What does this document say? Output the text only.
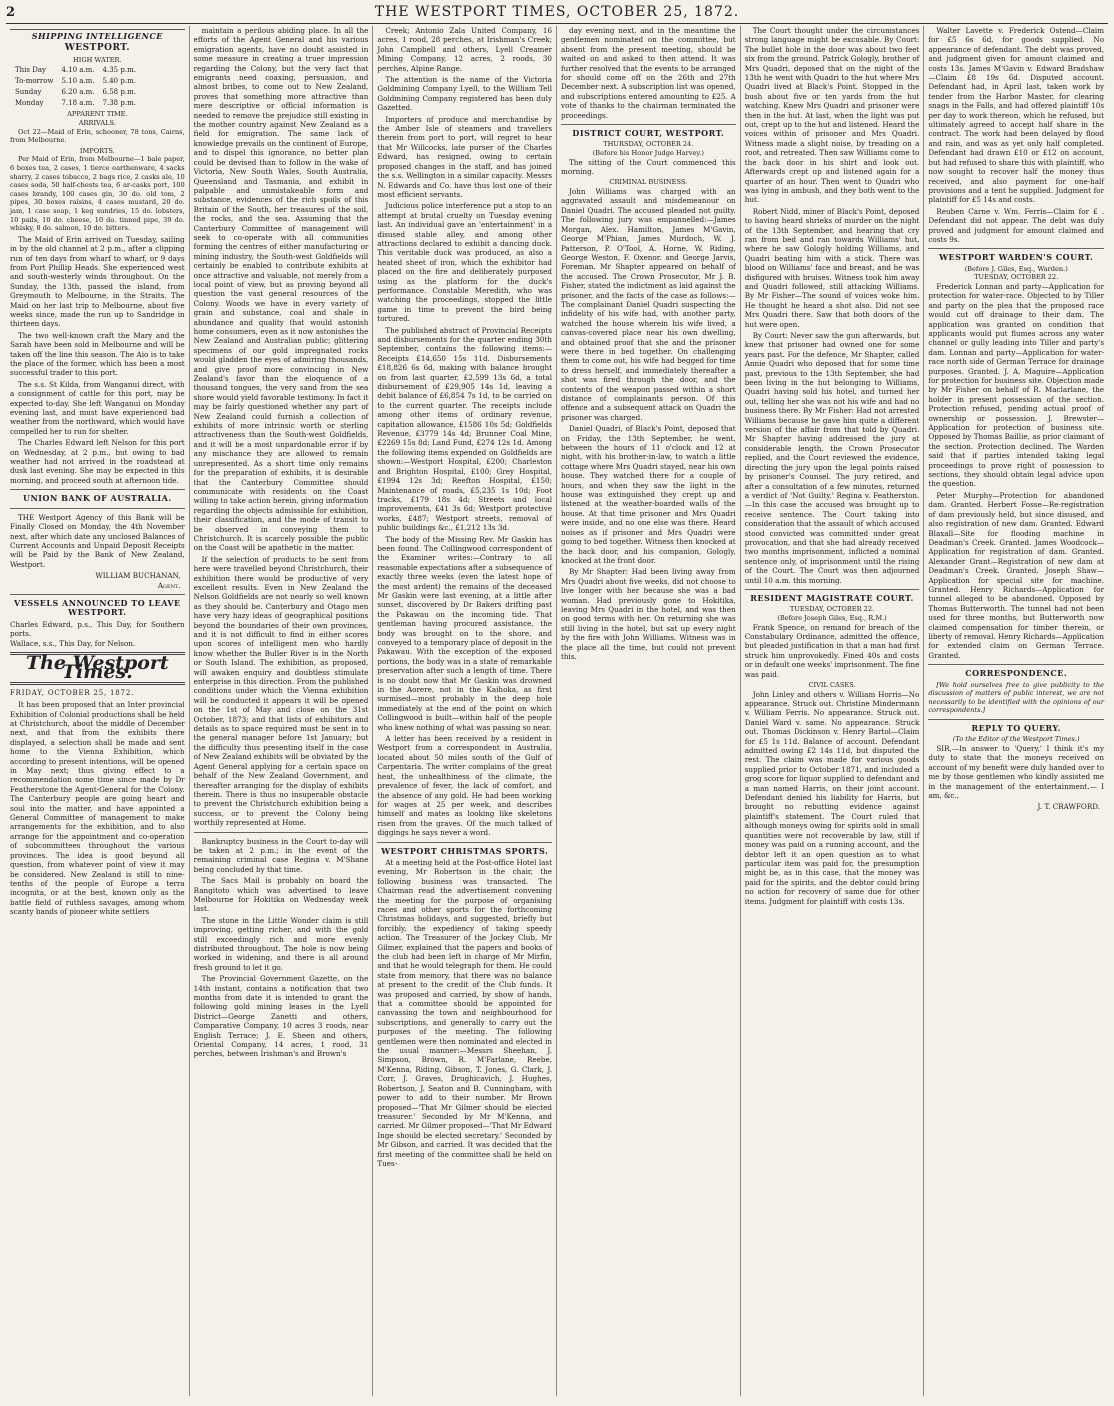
2	THE WESTPORT TIMES, OCTOBER 25, 1872.
SHIPPING INTELLIGENCE
WESTPORT.
HIGH WATER.
This Day	4.10 a.m.	4.35 p.m.
To-morrow	5.10 a.m.	5.40 p.m.
Sunday	6.20 a.m.	6.58 p.m.
Monday	7.18 a.m.	7.38 p.m.
APPARENT TIME.
ARRIVALS.

Oct 22—Maid of Erin, schooner, 78 tons, Cairns, from Melbourne.

IMPORTS.

Per Maid of Erin, from Melbourne—1 bale paper, 6 boxes tea, 2 cases, 1 tierce earthenware, 4 sacks sharry, 2 cases tobacco, 2 bags rice, 2 casks ale, 10 cases soda, 50 half-chests tea, 6 ar-casks port, 100 cases brandy, 100 cases gin, 30 do. old tom, 2 pipes, 30 boxes raisins, 4 cases mustard, 20 do. jam, 1 case soap, 1 keg sundries, 15 do. lobsters, 10 pails, 10 do. cheese, 10 do. tinned pipe, 39 do. whisky, 8 do. salmon, 10 do. bitters.

The Maid of Erin arrived on Tuesday, sailing in by the old channel at 2 p.m., after a clipping run of ten days from wharf to wharf, or 9 days from Port Phillip Heads. She experienced west and south-westerly winds throughout. On the Sunday, the 13th, passed the island, from Greymouth to Melbourne, in the Straits. The Maid on her last trip to Melbourne, about five weeks since, made the run up to Sandridge in thirteen days.

The two well-known craft the Mary and the Sarah have been sold in Melbourne and will be taken off the line this season. The Aio is to take the place of the former, which has been a most successful trader to this port.

The s.s. St Kilda, from Wanganui direct, with a consignment of cattle for this port, may be expected to-day. She left Wanganui on Monday evening last, and must have experienced bad weather from the northward, which would have compelled her to run for shelter.

The Charles Edward left Nelson for this port on Wednesday, at 2 p.m., but owing to bad weather had not arrived in the roadstead at dusk last evening. She may be expected in this morning, and proceed south at afternoon tide.

UNION BANK OF AUSTRALIA.

THE Westport Agency of this Bank will be Finally Closed on Monday, the 4th November next, after which date any unclosed Balances of Current Accounts and Unpaid Deposit Receipts will be Paid by the Bank of New Zealand, Westport.

WILLIAM BUCHANAN,
Agent.
VESSELS ANNOUNCED TO LEAVE WESTPORT.
Charles Edward, p.s., This Day, for Southern ports.
Wallace, s.s., This Day, for Nelson.
The Westport Times.
FRIDAY, OCTOBER 25, 1872.

It has been proposed that an Inter provincial Exhibition of Colonial productions shall be held at Christchurch, about the middle of December next, and that from the exhibits there displayed, a selection shall be made and sent home to the Vienna Exhibition, which according to present intentions, will be opened in May next; thus giving effect to a recommendation some time since made by Dr Featherstone the Agent-General for the Colony. The Canterbury people are going heart and soul into the matter, and have appointed a General Committee of management to make arrangements for the exhibition, and to also arrange for the appointment and co-operation of subcommittees throughout the various provinces. The idea is good beyond all question, from whatever point of view it may be considered. New Zealand is still to nine-tenths of the people of Europe a terra incognita, or at the best, known only as the battle field of ruthless savages, among whom scanty bands of pioneer white settlers

maintain a perilous abiding place. In all the efforts of the Agent General and his various emigration agents, have no doubt assisted in some measure in creating a truer impression regarding the Colony, but the very fact that emigrants need coaxing, persuasion, and almost bribes, to come out to New Zealand, proves that something more attractive than mere descriptive or official information is needed to remove the prejudice still existing in the mother country against New Zealand as a field for emigration. The same lack of knowledge prevails on the continent of Europe, and to dispel this ignorance, no better plan could be devised than to follow in the wake of Victoria, New South Wales, South Australia, Queensland and Tasmania, and exhibit in palpable and unmistakeable form and substance, evidences of the rich spoils of this Britain of the South, her treasures of the soil, the rocks, and the sea. Assuming that the Canterbury Committee of management will seek to co-operate with all communities forming the centres of either manufacturing or mining industry, the South-west Goldfields will certainly be enabled to contribute exhibits at once attractive and valuable, not merely from a local point of view, but as proving beyond all question the vast general resources of the Colony. Woods we have in every variety of grain and substance, coal and shale in abundance and quality that would astonish home consumers, even as it now astonishes the New Zealand and Australian public; glittering specimens of our gold impregnated rocks would gladden the eyes of admiring thousands, and give proof more convincing in New Zealand's favor than the eloquence of a thousand tongues, the very sand from the sea shore would yield favorable testimony. In fact it may be fairly questioned whether any part of New Zealand could furnish a collection of exhibits of more intrinsic worth or sterling attractiveness than the South-west Goldfields, and it will be a most unpardonable error if by any mischance they are allowed to remain unrepresented. As a short time only remains for the preparation of exhibits, it is desirable that the Canterbury Committee should communicate with residents on the Coast willing to take action herein, giving information regarding the objects admissible for exhibition, their classification, and the mode of transit to be observed in conveying them to Christchurch. It is scarcely possible the public on the Coast will be apathetic in the matter.

If the selection of products to be sent from here were travelled beyond Christchurch, their exhibition there would be productive of very excellent results. Even in New Zealand the Nelson Goldfields are not nearly so well known as they should be. Canterbury and Otago men have very hazy ideas of geographical positions beyond the boundaries of their own provinces, and it is not difficult to find in either scores upon scores of intelligent men who hardly know whether the Buller River is in the North or South Island. The exhibition, as proposed, will awaken enquiry and doubtless stimulate enterprise in this direction. From the published conditions under which the Vienna exhibition will be conducted it appears it will be opened on the 1st of May and close on the 31st October, 1873; and that lists of exhibitors and details as to space required must be sent in to the general manager before 1st January; but the difficulty thus presenting itself in the case of New Zealand exhibits will be obviated by the Agent General applying for a certain space on behalf of the New Zealand Government, and thereafter arranging for the display of exhibits therein. There is thus no insuperable obstacle to prevent the Christchurch exhibition being a success, or to prevent the Colony being worthily represented at Home.

Bankruptcy business in the Court to-day will be taken at 2 p.m.; in the event of the remaining criminal case Regina v. M'Shane being concluded by that time.

The Sacs Mail is probably on board the Rangitoto which was advertised to leave Melbourne for Hokitika on Wednesday week last.

The stone in the Little Wonder claim is still improving, getting richer, and with the gold still exceedingly rich and more evenly distributed throughout. The hole is now being worked in widening, and there is all around fresh ground to let it go.

The Provincial Government Gazette, on the 14th instant, contains a notification that two months from date it is intended to grant the following gold mining leases in the Lyell District—George Zanetti and others, Comparative Company, 10 acres 3 roods, near English Terrace; J. E. Sheen and others, Oriental Company, 14 acres, 1 rood, 31 perches, between Irishman's and Brown's

Creek; Antonio Zala United Company, 16 acres, 1 rood, 28 perches, at Irishman's Creek; John Campbell and others, Lyell Creamer Mining Company, 12 acres, 2 roods, 30 perches, Alpine Range.

The attention is the name of the Victoria Goldmining Company Lyell, to the William Tell Goldmining Company registered has been duly Gazetted.

Importers of produce and merchandise by the Amber Isle of steamers and travellers therein from port to port, will regret to hear that Mr Willcocks, late purser of the Charles Edward, has resigned, owing to certain proposed changes in the staff, and has joined the s.s. Wellington in a similar capacity. Messrs N. Edwards and Co. have thus lost one of their most efficient servants.

Judicious police interference put a stop to an attempt at brutal cruelty on Tuesday evening last. An individual gave an 'entertainment' in a disused stable alley, and among other attractions declared to exhibit a dancing duck. This veritable duck was produced, as also a heated sheet of iron, which the exhibitor had placed on the fire and deliberately purposed using as the platform for the duck's performance. Constable Meredith, who was watching the proceedings, stopped the little game in time to prevent the bird being tortured.

The published abstract of Provincial Receipts and disbursements for the quarter ending 30th September, contains the following items:—Receipts £14,650 15s 11d. Disbursements £18,826 6s 6d, making with balance brought on from last quarter, £2,599 13s 6d, a total disbursement of £29,905 14s 1d, leaving a debit balance of £6,854 7s 1d, to be carried on to the current quarter. The receipts include among other items of ordinary revenue, capitation allowance, £1586 10s 5d; Goldfields Revenue, £3779 14s 4d; Brunner Coal Mine, £2269 15s 8d; Land Fund, £274 12s 1d. Among the following items expended on Goldfields are shown:—Westport Hospital, £200; Charleston and Brighton Hospital, £100; Grey Hospital, £1994 12s 3d; Reefton Hospital, £150; Maintenance of roads, £5,235 1s 10d; Foot tracks, £179 18s 4d; Streets and local improvements, £41 3s 6d; Westport protective works, £487; Westport streets, removal of public buildings &c., £1,212 13s 3d.

The body of the Missing Rev. Mr Gaskin has been found. The Collingwood correspondent of the Examiner writes:—Contrary to all reasonable expectations after a subsequence of exactly three weeks (even the latest hope of the most ardent) the remains of the deceased Mr Gaskin were last evening, at a little after sunset, discovered by Dr Bakers drifting past the Pakawau on the incoming tide. That gentleman having procured assistance, the body was brought on to the shore, and conveyed to a temporary place of deposit in the Pakawau. With the exception of the exposed portions, the body was in a state of remarkable preservation after such a length of time. There is no doubt now that Mr Gaskin was drowned in the Aorere, not in the Kaihoka, as first surmised—most probably in the deep hole immediately at the end of the point on which Collingwood is built—within half of the people who knew nothing of what was passing so near.

A letter has been received by a resident in Westport from a correspondent in Australia, located about 50 miles south of the Gulf of Carpentaria. The writer complains of the great heat, the unhealthiness of the climate, the prevalence of fever, the lack of comfort, and the absence of any gold. He had been working for wages at 25 per week, and describes himself and mates as looking like skeletons risen from the graves. Of the much talked of diggings he says never a word.

WESTPORT CHRISTMAS SPORTS.

At a meeting held at the Post-office Hotel last evening, Mr Robertson in the chair, the following business was transacted. The Chairman read the advertisement convening the meeting for the purpose of organising races and other sports for the forthcoming Christmas holidays, and suggested, briefly but forcibly, the expediency of taking speedy action. The Treasurer of the Jockey Club, Mr Gilmer, explained that the papers and books of the club had been left in charge of Mr Mirfin, and that he would telegraph for them. He could state from memory, that there was no balance at present to the credit of the Club funds. It was proposed and carried, by show of hands, that a committee should be appointed for canvassing the town and neighbourhood for subscriptions, and generally to carry out the purposes of the meeting. The following gentlemen were then nominated and elected in the usual manner:—Messrs Sheehan, J. Simpson, Brown, R. M'Farlane, Reebe, M'Kenna, Riding, Gibson, T. Jones, G. Clark, J. Corr, J. Graves, Drughicavich, J. Hughes, Robertson, J. Seaton and B. Cunningham, with power to add to their number. Mr Brown proposed—'That Mr Gilmer should be elected treasurer.' Seconded by Mr M'Kenna, and carried. Mr Gilmer proposed—'That Mr Edward Inge should be elected secretary.' Seconded by Mr Gibson, and carried. It was decided that the first meeting of the committee shall be held on Tues-

day evening next, and in the meantime the gentlemen nominated on the committee, but absent from the present meeting, should be waited on and asked to then attend. It was further resolved that the events to be arranged for should come off on the 26th and 27th December next. A subscription list was opened, and subscriptions entered amounting to £25. A vote of thanks to the chairman terminated the proceedings.

DISTRICT COURT, WESTPORT.
THURSDAY, OCTOBER 24.
(Before his Honor Judge Harvey.)

The sitting of the Court commenced this morning.

CRIMINAL BUSINESS.

John Williams was charged with an aggravated assault and misdemeanour on Daniel Quadri. The accused pleaded not guilty. The following jury was empannelled:—James Morgan, Alex. Hamilton, James M'Gavin, George M'Phian, James Murdoch, W. J. Patterson, P. O'Tool, A. Horne, W. Riding, George Weston, F. Oxenor. and George Jarvis, Foreman. Mr Shapter appeared on behalf of the accused. The Crown Prosecutor, Mr J. B. Fisher, stated the indictment as laid against the prisoner, and the facts of the case as follows:—The complainant Daniel Quadri suspecting the infidelity of his wife had, with another party, watched the house wherein his wife lived, a canvas-covered place near his own dwelling, and obtained proof that she and the prisoner were there in bed together. On challenging them to come out, his wife had begged for time to dress herself, and immediately thereafter a shot was fired through the door, and the contents of the weapon passed within a short distance of complainants person. Of this offence and a subsequent attack on Quadri the prisoner was charged.

Daniel Quadri, of Black's Point, deposed that on Friday, the 13th September, he went, between the hours of 11 o'clock and 12 at night, with his brother-in-law, to watch a little cottage where Mrs Quadri stayed, near his own house. They watched there for a couple of hours, and when they saw the light in the house was extinguished they crept up and listened at the weather-boarded walls of the house. At that time prisoner and Mrs Quadri were inside, and no one else was there. Heard noises as if prisoner and Mrs Quadri were going to bed together. Witness then knocked at the back door, and his companion, Gologly, knocked at the front door.

By Mr Shapter: Had been living away from Mrs Quadri about five weeks, did not choose to live longer with her because she was a bad woman. Had previously gone to Hokitika, leaving Mrs Quadri in the hotel, and was then on good terms with her. On returning she was still living in the hotel, but sat up every night by the fire with John Williams. Witness was in the place all the time, but could not prevent this.

The Court thought under the circumstances strong language might be excusable. By Court: The bullet hole in the door was about two feet six from the ground. Patrick Gologly, brother of Mrs Quadri, deposed that on the night of the 13th he went with Quadri to the hut where Mrs Quadri lived at Black's Point. Stopped in the bush about five or ten yards from the hut watching. Knew Mrs Quadri and prisoner were then in the hut. At last, when the light was put out, crept up to the hut and listened. Heard the voices within of prisoner and Mrs Quadri. Witness made a slight noise, by treading on a root, and retreated. Then saw Williams come to the back door in his shirt and look out. Afterwards crept up and listened again for a quarter of an hour. Then went to Quadri who was lying in ambush, and they both went to the hut.

Robert Nidd, miner of Black's Point, deposed to having heard shrieks of murder on the night of the 13th September, and hearing that cry ran from bed and ran towards Williams' hut, where he saw Gologly holding Williams, and Quadri beating him with a stick. There was blood on Williams' face and breast, and he was disfigured with bruises. Witness took him away and Quadri followed, still attacking Williams. By Mr Fisher—The sound of voices woke him. He thought he heard a shot also. Did not see Mrs Quadri there. Saw that both doors of the hut were open.

By Court: Never saw the gun afterwards, but knew that prisoner had owned one for some years past. For the defence, Mr Shapter, called Annie Quadri who deposed that for some time past, previous to the 13th September, she had been living in the hut belonging to Williams, Quadri having sold his hotel, and turned her out, telling her she was not his wife and had no business there. By Mr Fisher: Had not arrested Williams because he gave him quite a different version of the affair from that told by Quadri. Mr Shapter having addressed the jury at considerable length, the Crown Prosecutor replied, and the Court reviewed the evidence, directing the jury upon the legal points raised by prisoner's Counsel. The jury retired, and after a consultation of a few minutes, returned a verdict of 'Not Guilty.' Regina v. Featherston.—In this case the accused was brought up to receive sentence. The Court taking into consideration that the assault of which accused stood convicted was committed under great provocation, and that she had already received two months imprisonment, inflicted a nominal sentence only, of imprisonment until the rising of the Court. The Court was then adjourned until 10 a.m. this morning.

RESIDENT MAGISTRATE COURT.
TUESDAY, OCTOBER 22.
(Before Joseph Giles, Esq., R.M.)

Frank Spence, on remand for breach of the Constabulary Ordinance, admitted the offence, but pleaded justification in that a man had first struck him unprovokedly. Fined 40s and costs or in default one weeks' imprisonment. The fine was paid.

CIVIL CASES.

John Linley and others v. William Horris—No appearance. Struck out. Christine Mindermann v. William Ferris. No appearance. Struck out. Daniel Ward v. same. No appearance. Struck out. Thomas Dickinson v. Henry Bartol—Claim for £5 1s 11d. Balance of account. Defendant admitted owing £2 14s 11d, but disputed the rest. The claim was made for various goods supplied prior to October 1871, and included a grog score for liquor supplied to defendant and a man named Harris, on their joint account. Defendant denied his liability for Harris, but brought no rebutting evidence against plaintiff's statement. The Court ruled that although moneys owing for spirits sold in small quantities were not recoverable by law, still if money was paid on a running account, and the debtor left it an open question as to what particular item was paid for, the presumption might be, as in this case, that the money was paid for the spirits, and the debtor could bring no action for recovery of same due for other items. Judgment for plaintiff with costs 13s.

Walter Lavette v. Frederick Ostend—Claim for £5 6s 6d, for goods supplied. No appearance of defendant. The debt was proved, and judgment given for amount claimed and costs 13s. James M'Gavin v. Edward Bradshaw—Claim £8 19s 6d. Disputed account. Defendant had, in April last, taken work by tender from the Harbor Master, for clearing snags in the Falls, and had offered plaintiff 10s per day to work thereon, which he refused, but ultimately agreed to accept half share in the contract. The work had been delayed by flood and rain, and was as yet only half completed. Defendant had drawn £10 or £12 on account, but had refused to share this with plaintiff, who now sought to recover half the money thus received, and also payment for one-half provisions and a tent he supplied. Judgment for plaintiff for £5 14s and costs.

Reuben Carne v. Wm. Ferris—Claim for £ . Defendant did not appear. The debt was duly proved and judgment for amount claimed and costs 9s.

WESTPORT WARDEN'S COURT.
(Before J. Giles, Esq., Warden.)
TUESDAY, OCTOBER 22.

Frederick Lonnan and party—Application for protection for water-race. Objected to by Tiller and party on the plea that the proposed race would cut off drainage to their dam. The application was granted on condition that applicants would put flumes across any water channel or gully leading into Tiller and party's dam. Lonnan and party—Application for water-race north side of German Terrace for drainage purposes. Granted. J. A. Maguire—Application for protection for business site. Objection made by Mr Fisher on behalf of R. Maclarlane, the holder in present possession of the section. Protection refused, pending actual proof of ownership or possession. J. Brewster—Application for protection of business site. Opposed by Thomas Baillie, as prior claimant of the section. Protection declined. The Warden said that if parties intended taking legal proceedings to prove right of possession to sections, they should obtain legal advice upon the question.

Peter Murphy—Protection for abandoned dam. Granted. Herbert Fosse—Re-registration of dam previously held, but since disused, and also registration of new dam. Granted. Edward Blaxall—Site for flooding machine in Deadman's Creek. Granted. James Woodcock—Application for registration of dam. Granted. Alexander Grant—Registration of new dam at Deadman's Creek. Granted. Joseph Shaw—Application for special site for machine. Granted. Henry Richards—Application for tunnel alleged to be abandoned. Opposed by Thomas Butterworth. The tunnel had not been used for three months, but Butterworth now claimed compensation for timber therein, or liberty of removal. Henry Richards—Application for extended claim on German Terrace. Granted.

CORRESPONDENCE.

[We hold ourselves free to give publicity to the discussion of matters of public interest, we are not necessarily to be identified with the opinions of our correspondents.]

REPLY TO QUERY.
(To the Editor of the Westport Times.)

SIR,—In answer to 'Query,' I think it's my duty to state that the moneys received on account of my benefit were duly handed over to me by those gentlemen who kindly assisted me in the management of the entertainment.— I am, &c.,

J. T. CRAWFORD.
